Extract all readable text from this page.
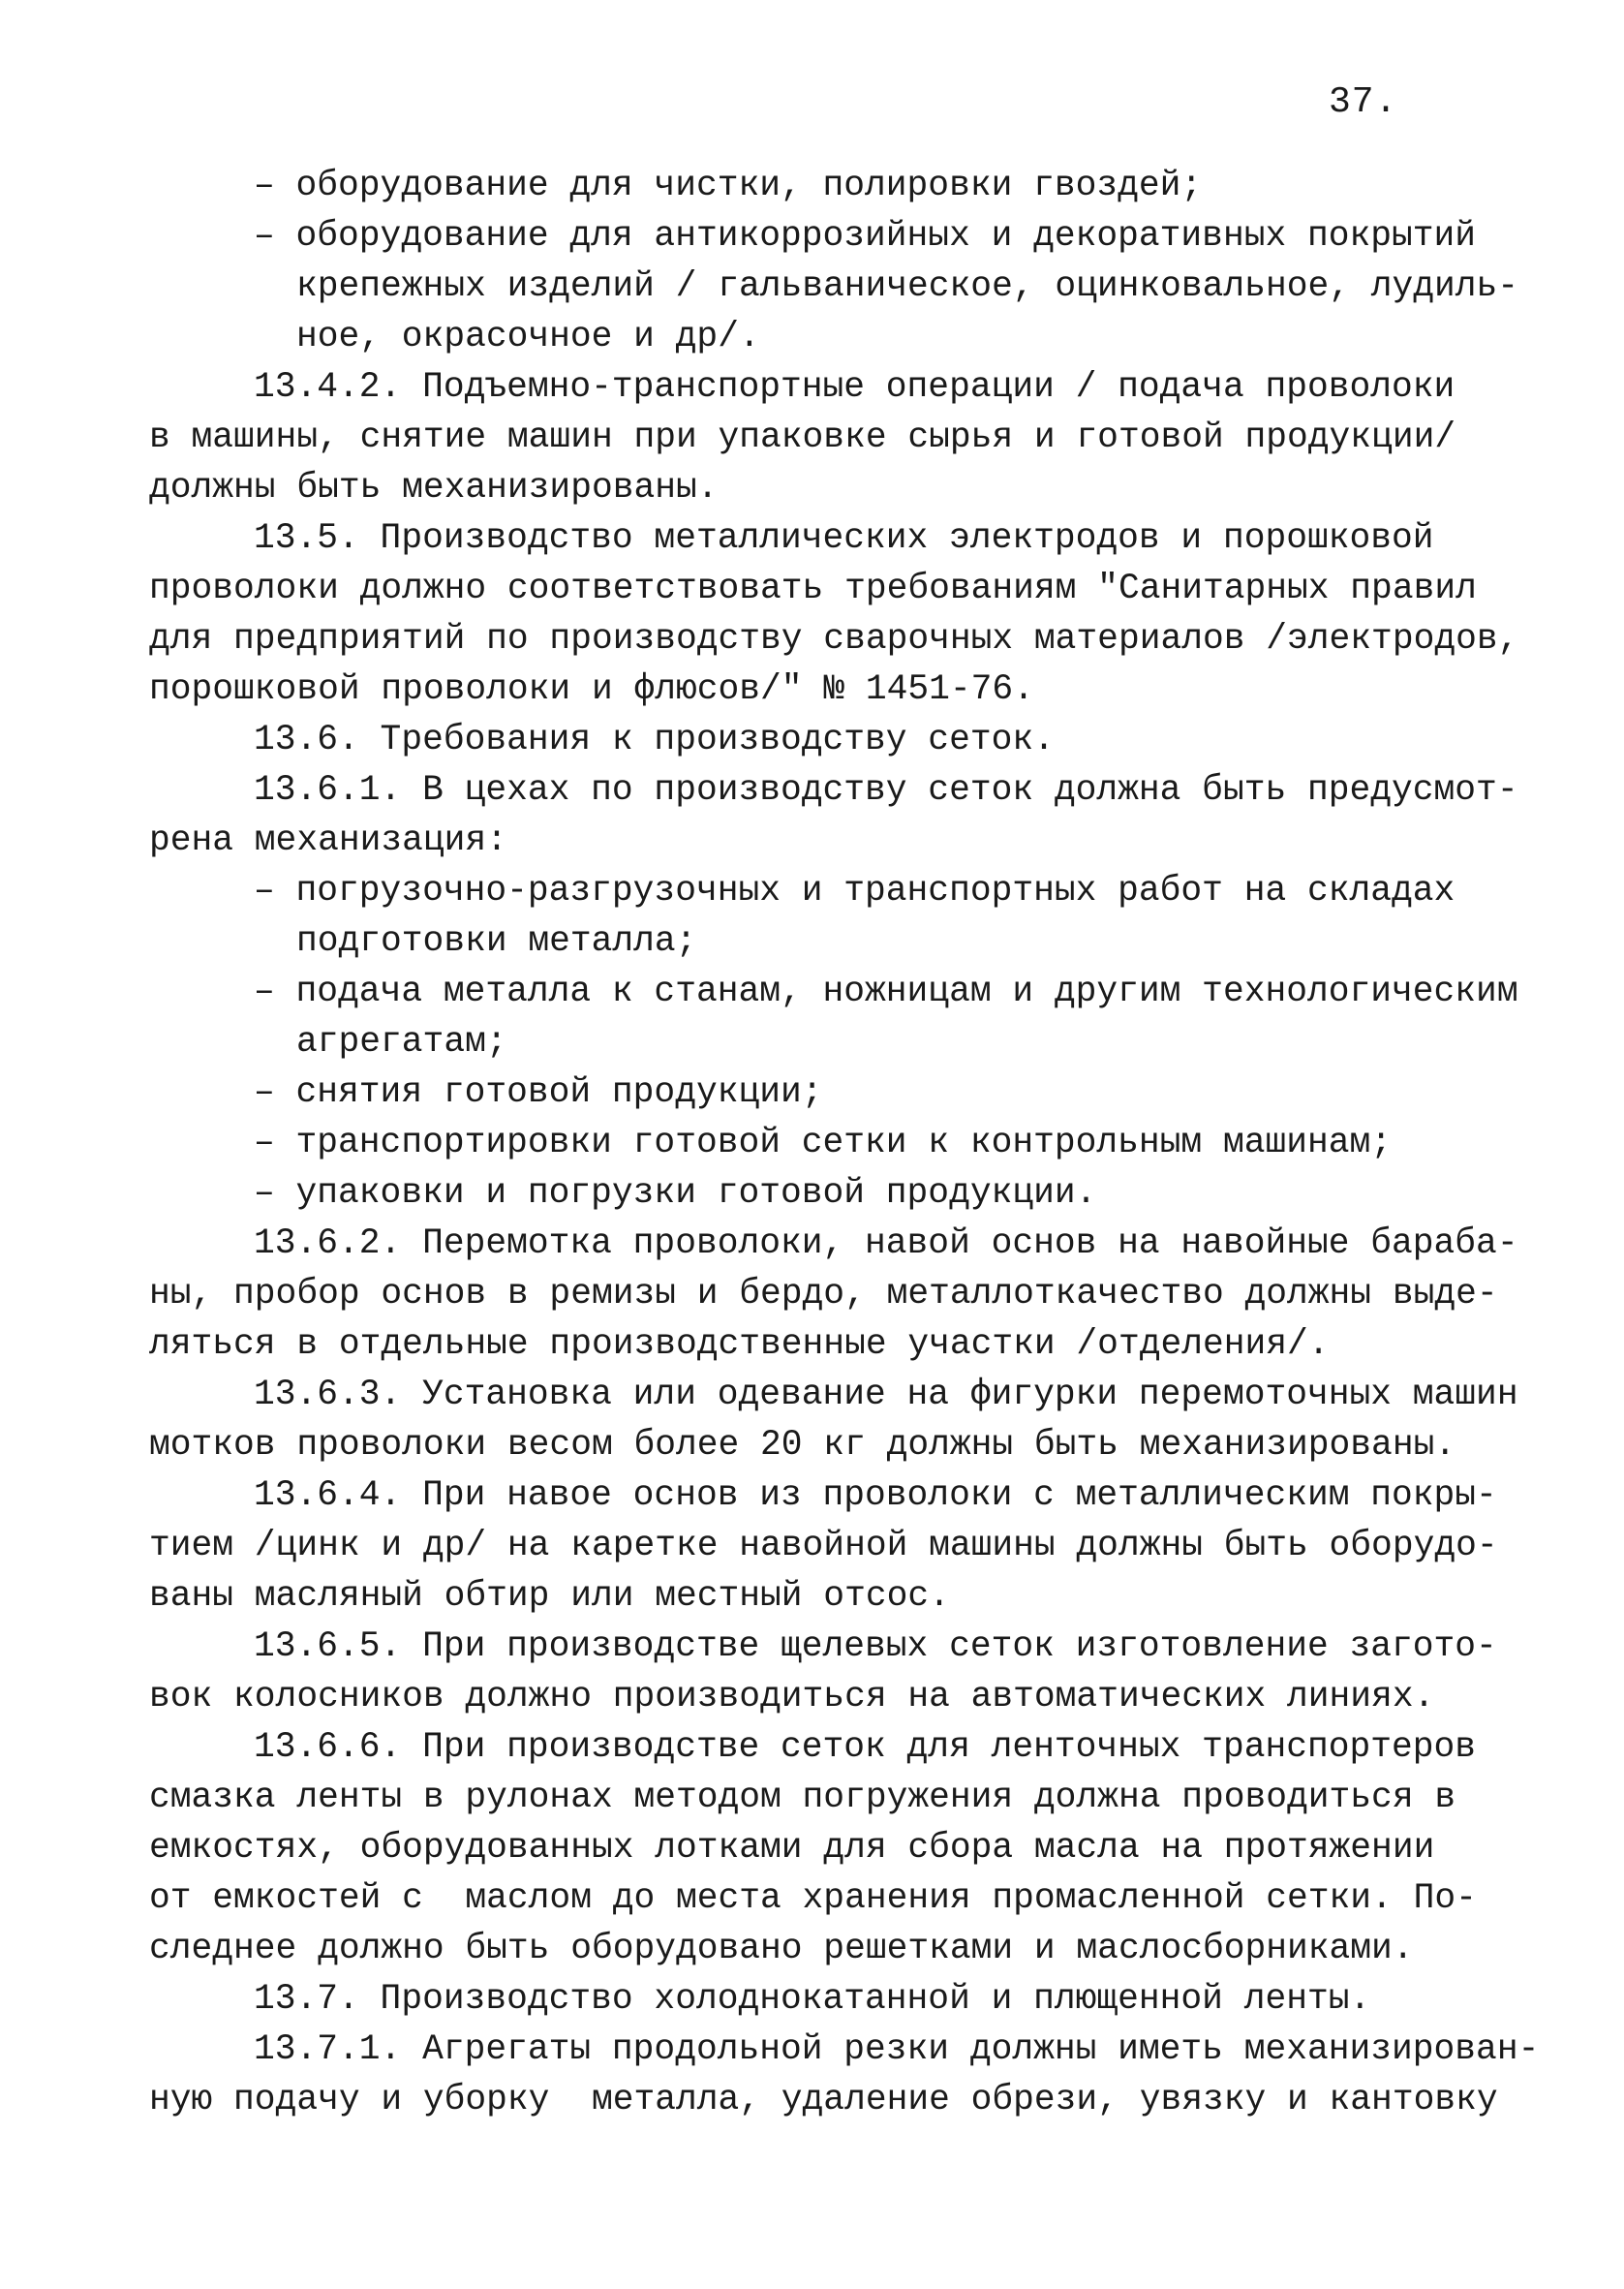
37.
– оборудование для чистки, полировки гвоздей;
– оборудование для антикоррозийных и декоративных покрытий
крепежных изделий / гальваническое, оцинковальное, лудиль-
ное, окрасочное и др/.
13.4.2. Подъемно-транспортные операции / подача проволоки
в машины, снятие машин при упаковке сырья и готовой продукции/
должны быть механизированы.
13.5. Производство металлических электродов и порошковой
проволоки должно соответствовать требованиям "Санитарных правил
для предприятий по производству сварочных материалов /электродов,
порошковой проволоки и флюсов/" № 1451-76.
13.6. Требования к производству сеток.
13.6.1. В цехах по производству сеток должна быть предусмот-
рена механизация:
– погрузочно-разгрузочных и транспортных работ на складах
подготовки металла;
– подача металла к станам, ножницам и другим технологическим
агрегатам;
– снятия готовой продукции;
– транспортировки готовой сетки к контрольным машинам;
– упаковки и погрузки готовой продукции.
13.6.2. Перемотка проволоки, навой основ на навойные бараба-
ны, пробор основ в ремизы и бердо, металлоткачество должны выде-
ляться в отдельные производственные участки /отделения/.
13.6.3. Установка или одевание на фигурки перемоточных машин
мотков проволоки весом более 20 кг должны быть механизированы.
13.6.4. При навое основ из проволоки с металлическим покры-
тием /цинк и др/ на каретке навойной машины должны быть оборудо-
ваны масляный обтир или местный отсос.
13.6.5. При производстве щелевых сеток изготовление загото-
вок колосников должно производиться на автоматических линиях.
13.6.6. При производстве сеток для ленточных транспортеров
смазка ленты в рулонах методом погружения должна проводиться в
емкостях, оборудованных лотками для сбора масла на протяжении
от емкостей с  маслом до места хранения промасленной сетки. По-
следнее должно быть оборудовано решетками и маслосборниками.
13.7. Производство холоднокатанной и плющенной ленты.
13.7.1. Агрегаты продольной резки должны иметь механизирован-
ную подачу и уборку  металла, удаление обрези, увязку и кантовку
